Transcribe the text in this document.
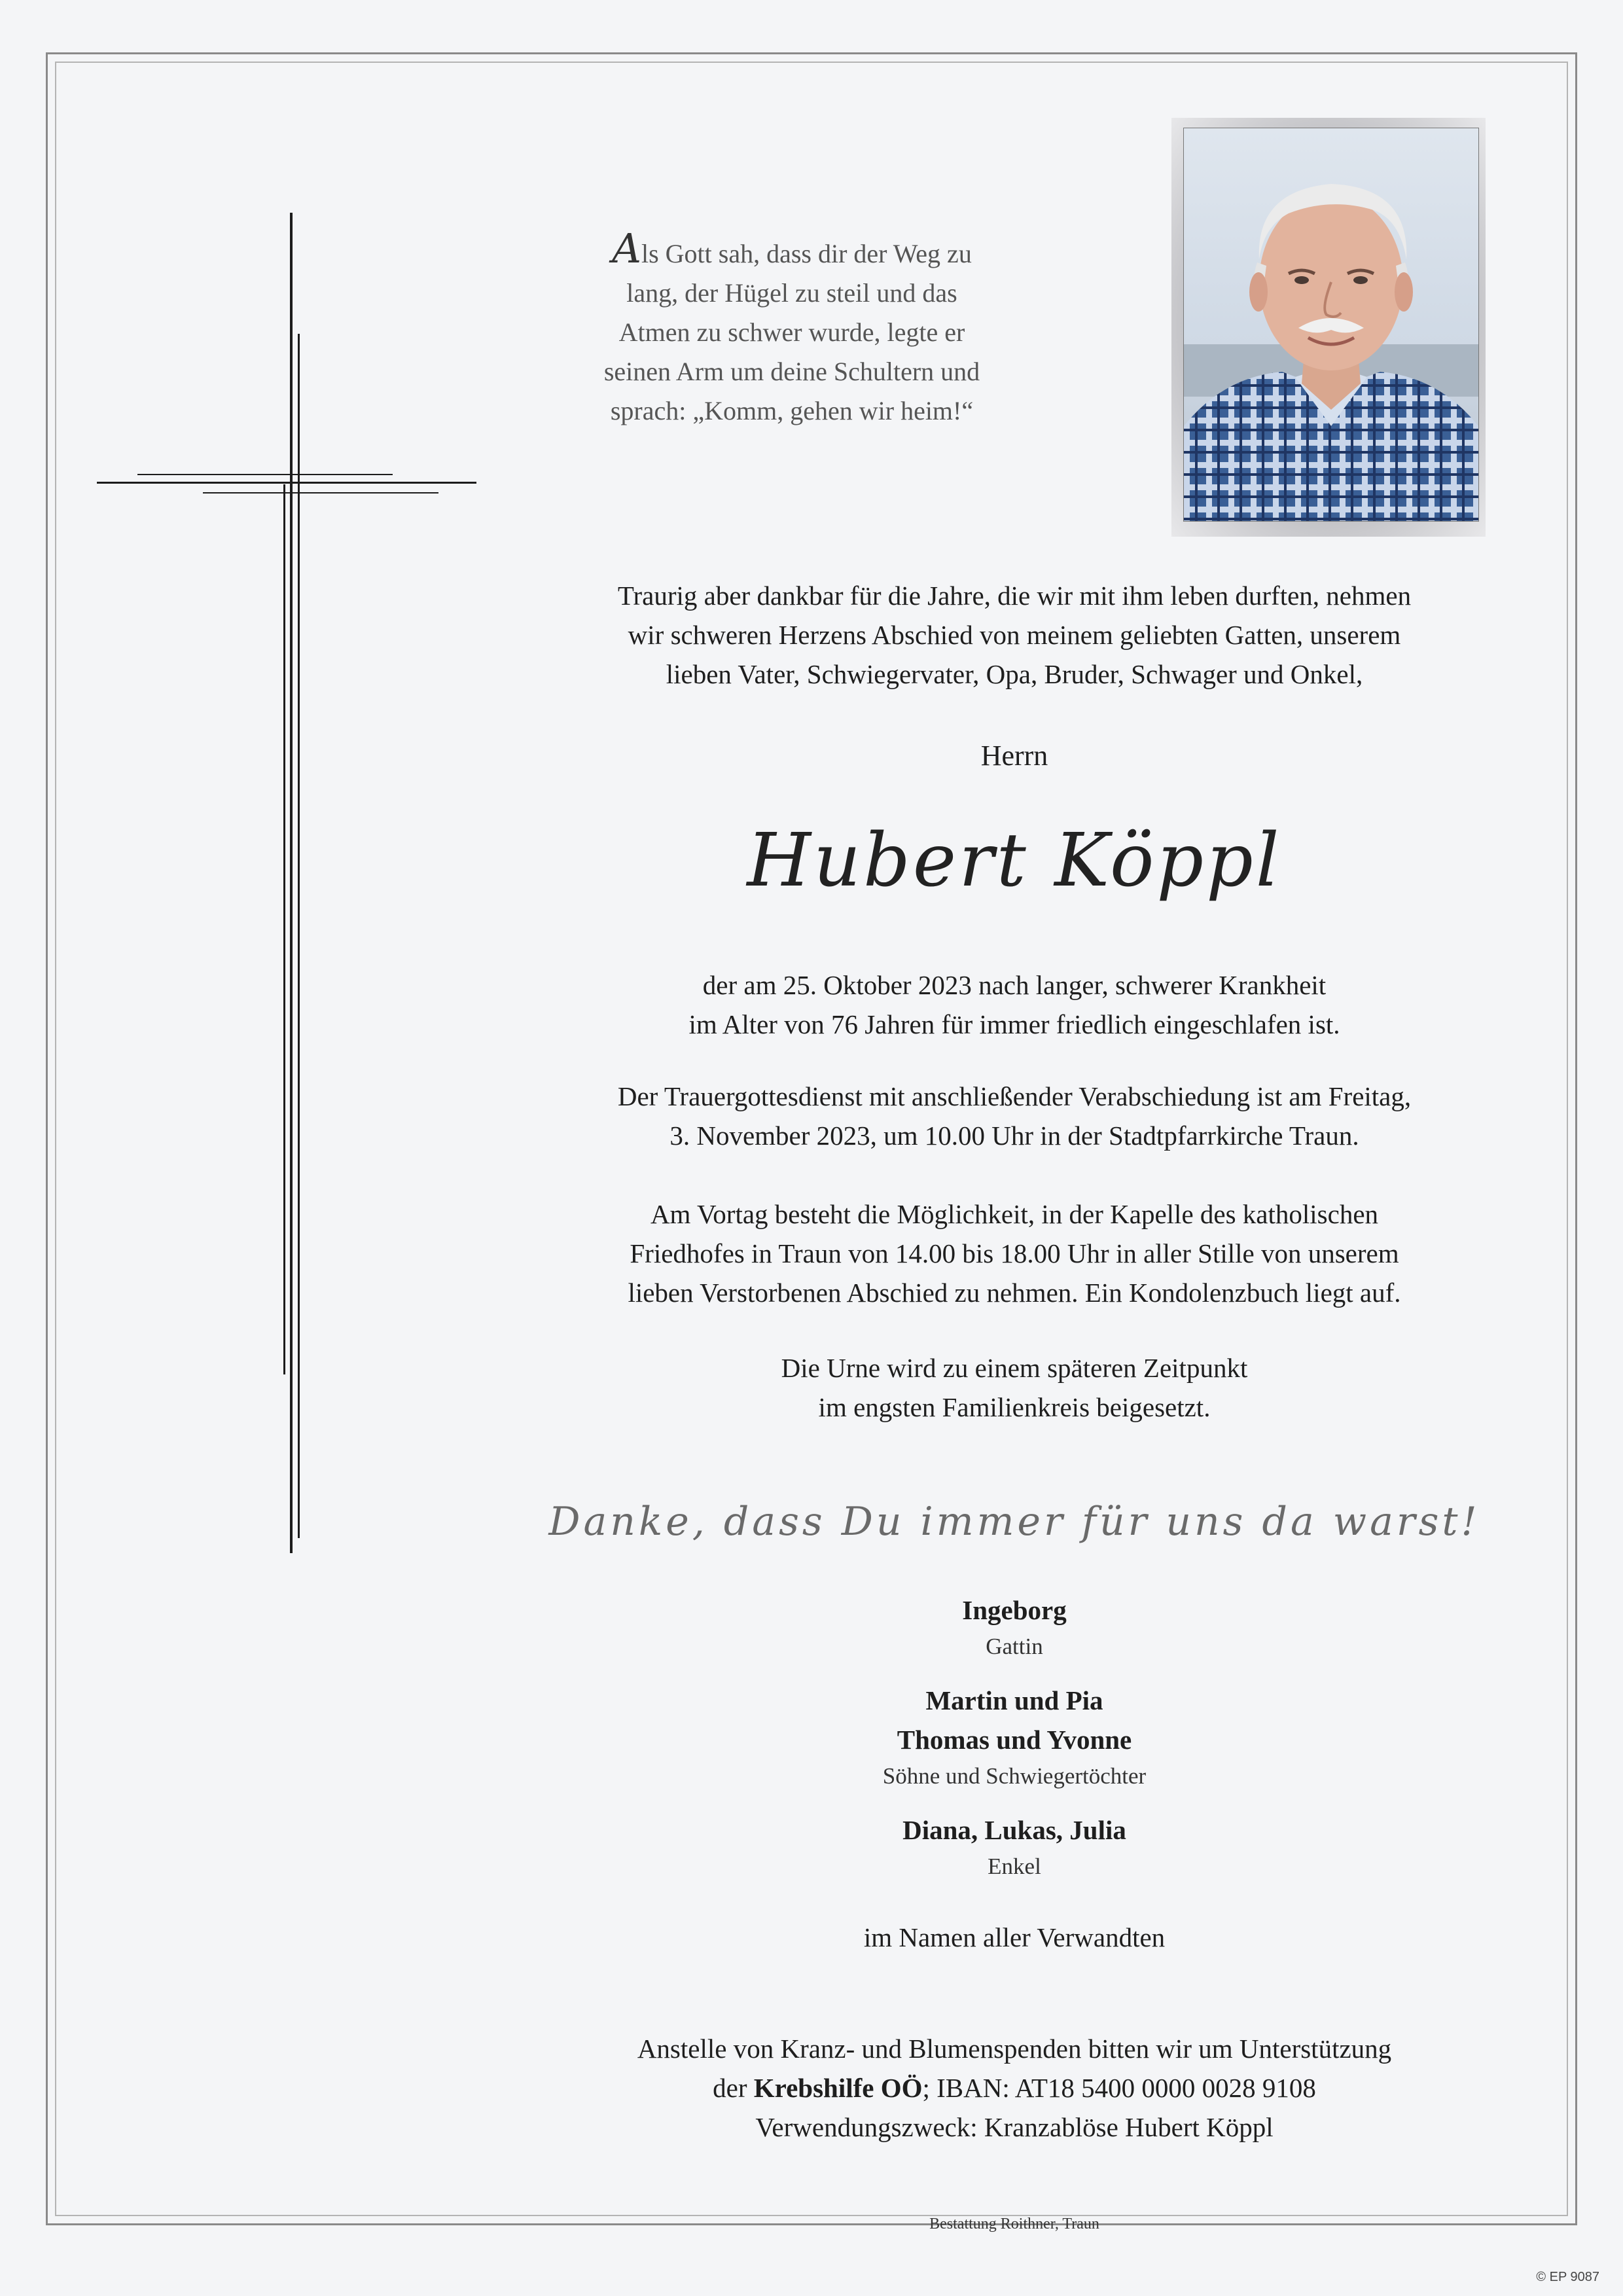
Als Gott sah, dass dir der Weg zu
lang, der Hügel zu steil und das
Atmen zu schwer wurde, legte er
seinen Arm um deine Schultern und
sprach: „Komm, gehen wir heim!“
Traurig aber dankbar für die Jahre, die wir mit ihm leben durften, nehmen
wir schweren Herzens Abschied von meinem geliebten Gatten, unserem
lieben Vater, Schwiegervater, Opa, Bruder, Schwager und Onkel,
Herrn
Hubert Köppl
der am 25. Oktober 2023 nach langer, schwerer Krankheit
im Alter von 76 Jahren für immer friedlich eingeschlafen ist.
Der Trauergottesdienst mit anschließender Verabschiedung ist am Freitag,
3. November 2023, um 10.00 Uhr in der Stadtpfarrkirche Traun.
Am Vortag besteht die Möglichkeit, in der Kapelle des katholischen
Friedhofes in Traun von 14.00 bis 18.00 Uhr in aller Stille von unserem
lieben Verstorbenen Abschied zu nehmen. Ein Kondolenzbuch liegt auf.
Die Urne wird zu einem späteren Zeitpunkt
im engsten Familienkreis beigesetzt.
Danke, dass Du immer für uns da warst!
Ingeborg
Gattin
Martin und Pia
Thomas und Yvonne
Söhne und Schwiegertöchter
Diana, Lukas, Julia
Enkel
im Namen aller Verwandten
Anstelle von Kranz- und Blumenspenden bitten wir um Unterstützung
der Krebshilfe OÖ; IBAN: AT18 5400 0000 0028 9108
Verwendungszweck: Kranzablöse Hubert Köppl
Bestattung Roithner, Traun
© EP 9087
